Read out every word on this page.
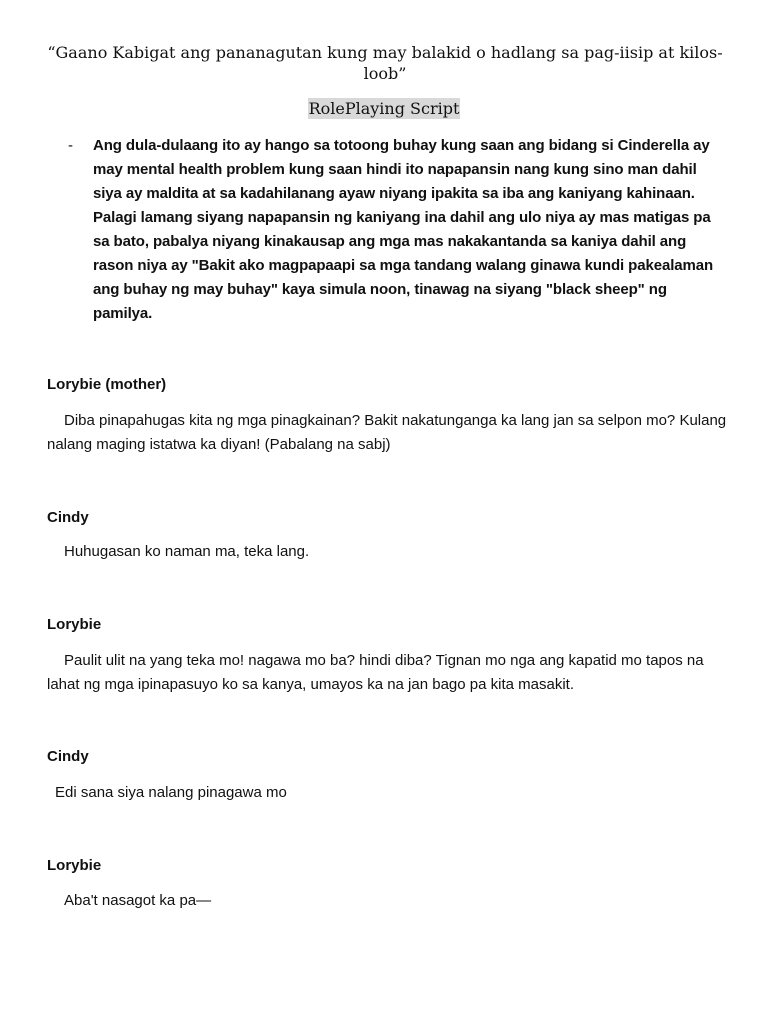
“Gaano Kabigat ang pananagutan kung may balakid o hadlang sa pag-iisip at kilos-loob”
RolePlaying Script
- Ang dula-dulaang ito ay hango sa totoong buhay kung saan ang bidang si Cinderella ay may mental health problem kung saan hindi ito napapansin nang kung sino man dahil siya ay maldita at sa kadahilanang ayaw niyang ipakita sa iba ang kaniyang kahinaan. Palagi lamang siyang napapansin ng kaniyang ina dahil ang ulo niya ay mas matigas pa sa bato, pabalya niyang kinakausap ang mga mas nakakantanda sa kaniya dahil ang rason niya ay "Bakit ako magpapaapi sa mga tandang walang ginawa kundi pakealaman ang buhay ng may buhay" kaya simula noon, tinawag na siyang "black sheep" ng pamilya.
Lorybie (mother)
Diba pinapahugas kita ng mga pinagkainan? Bakit nakatunganga ka lang jan sa selpon mo? Kulang nalang maging istatwa ka diyan! (Pabalang na sabj)
Cindy
Huhugasan ko naman ma, teka lang.
Lorybie
Paulit ulit na yang teka mo! nagawa mo ba? hindi diba? Tignan mo nga ang kapatid mo tapos na lahat ng mga ipinapasuyo ko sa kanya, umayos ka na jan bago pa kita masakit.
Cindy
Edi sana siya nalang pinagawa mo
Lorybie
Aba't nasagot ka pa—
